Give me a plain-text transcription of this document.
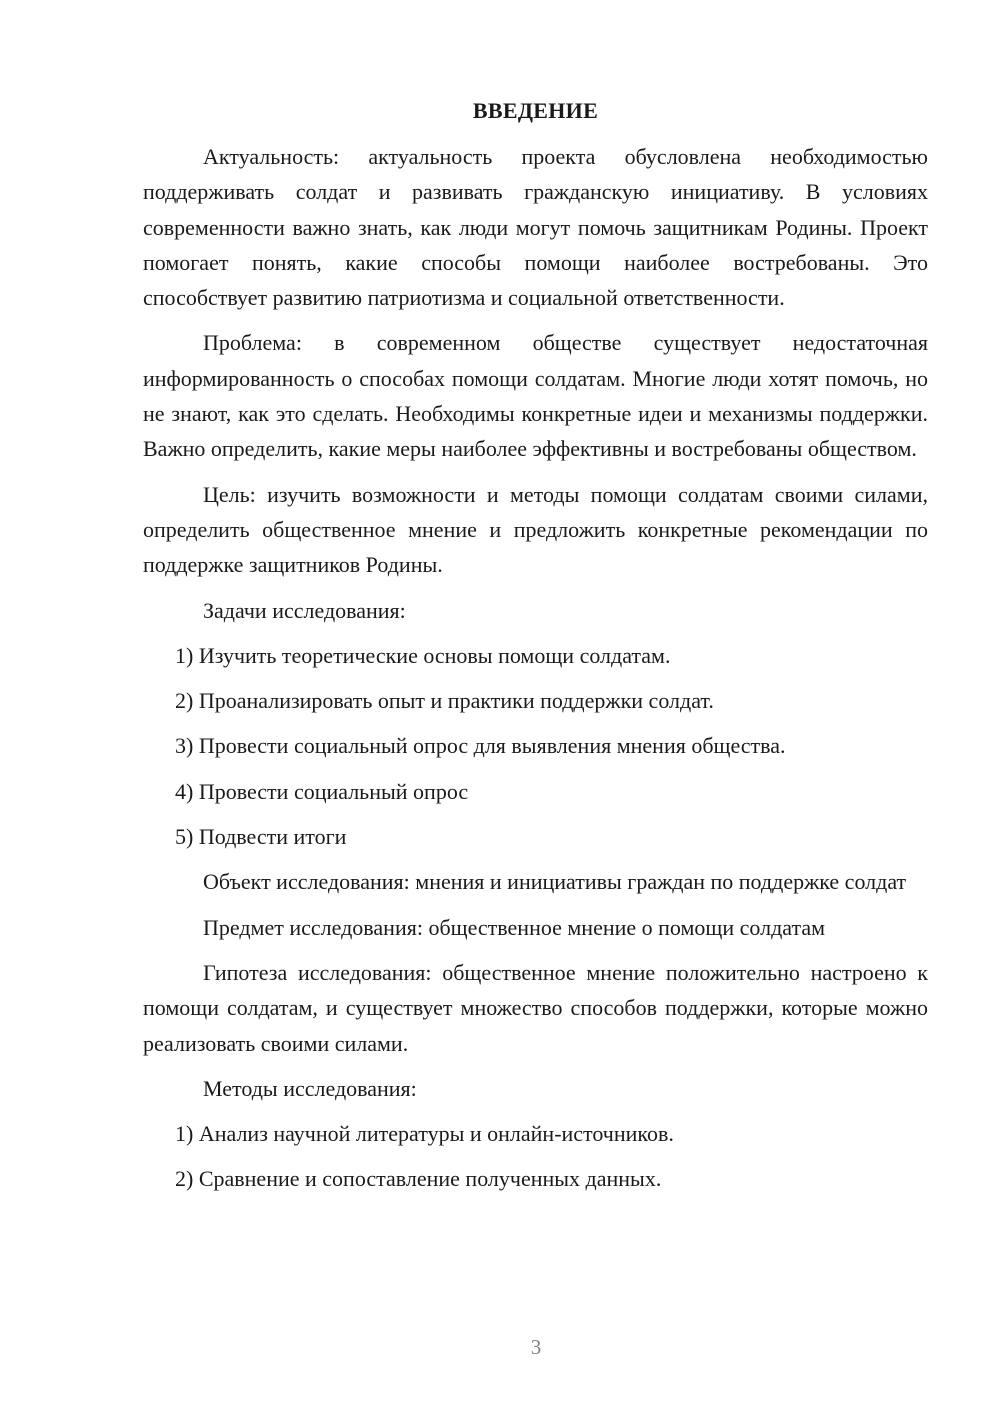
ВВЕДЕНИЕ

Актуальность: актуальность проекта обусловлена необходимостью поддерживать солдат и развивать гражданскую инициативу. В условиях современности важно знать, как люди могут помочь защитникам Родины. Проект помогает понять, какие способы помощи наиболее востребованы. Это способствует развитию патриотизма и социальной ответственности.

Проблема: в современном обществе существует недостаточная информированность о способах помощи солдатам. Многие люди хотят помочь, но не знают, как это сделать. Необходимы конкретные идеи и механизмы поддержки. Важно определить, какие меры наиболее эффективны и востребованы обществом.

Цель: изучить возможности и методы помощи солдатам своими силами, определить общественное мнение и предложить конкретные рекомендации по поддержке защитников Родины.

Задачи исследования:

1) Изучить теоретические основы помощи солдатам.

2) Проанализировать опыт и практики поддержки солдат.

3) Провести социальный опрос для выявления мнения общества.

4) Провести социальный опрос

5) Подвести итоги

Объект исследования: мнения и инициативы граждан по поддержке солдат

Предмет исследования: общественное мнение о помощи солдатам

Гипотеза исследования: общественное мнение положительно настроено к помощи солдатам, и существует множество способов поддержки, которые можно реализовать своими силами.

Методы исследования:

1) Анализ научной литературы и онлайн-источников.

2) Сравнение и сопоставление полученных данных.

3
